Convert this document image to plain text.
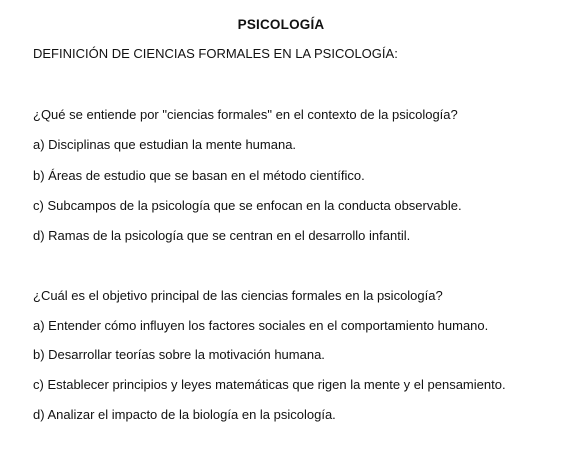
PSICOLOGÍA
DEFINICIÓN DE CIENCIAS FORMALES EN LA PSICOLOGÍA:
¿Qué se entiende por "ciencias formales" en el contexto de la psicología?
a) Disciplinas que estudian la mente humana.
b) Áreas de estudio que se basan en el método científico.
c) Subcampos de la psicología que se enfocan en la conducta observable.
d) Ramas de la psicología que se centran en el desarrollo infantil.
¿Cuál es el objetivo principal de las ciencias formales en la psicología?
a) Entender cómo influyen los factores sociales en el comportamiento humano.
b) Desarrollar teorías sobre la motivación humana.
c) Establecer principios y leyes matemáticas que rigen la mente y el pensamiento.
d) Analizar el impacto de la biología en la psicología.
